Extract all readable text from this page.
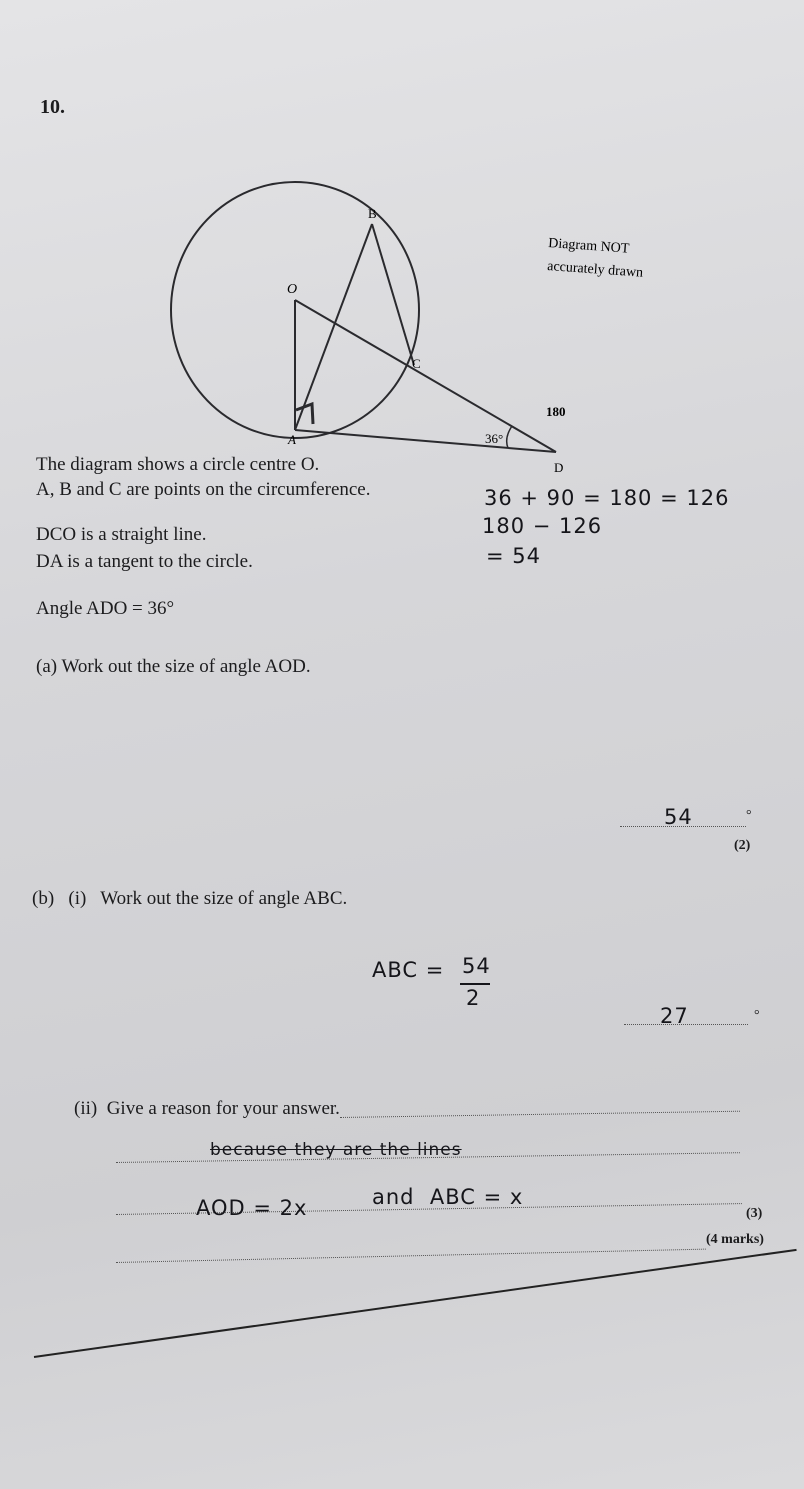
10.
B
O
C
A
D
36°
Diagram NOT
accurately drawn
180
The diagram shows a circle centre O.
A, B and C are points on the circumference.
DCO is a straight line.
DA is a tangent to the circle.
Angle ADO = 36°
36 + 90 = 180 = 126
180 − 126
= 54
(a) Work out the size of angle AOD.
54	°
(2)
(b)   (i)   Work out the size of angle ABC.
ABC = 54
2
27	°
(ii)  Give a reason for your answer.
because they are the lines
AOD = 2x	and  ABC = x
(3)
(4 marks)
